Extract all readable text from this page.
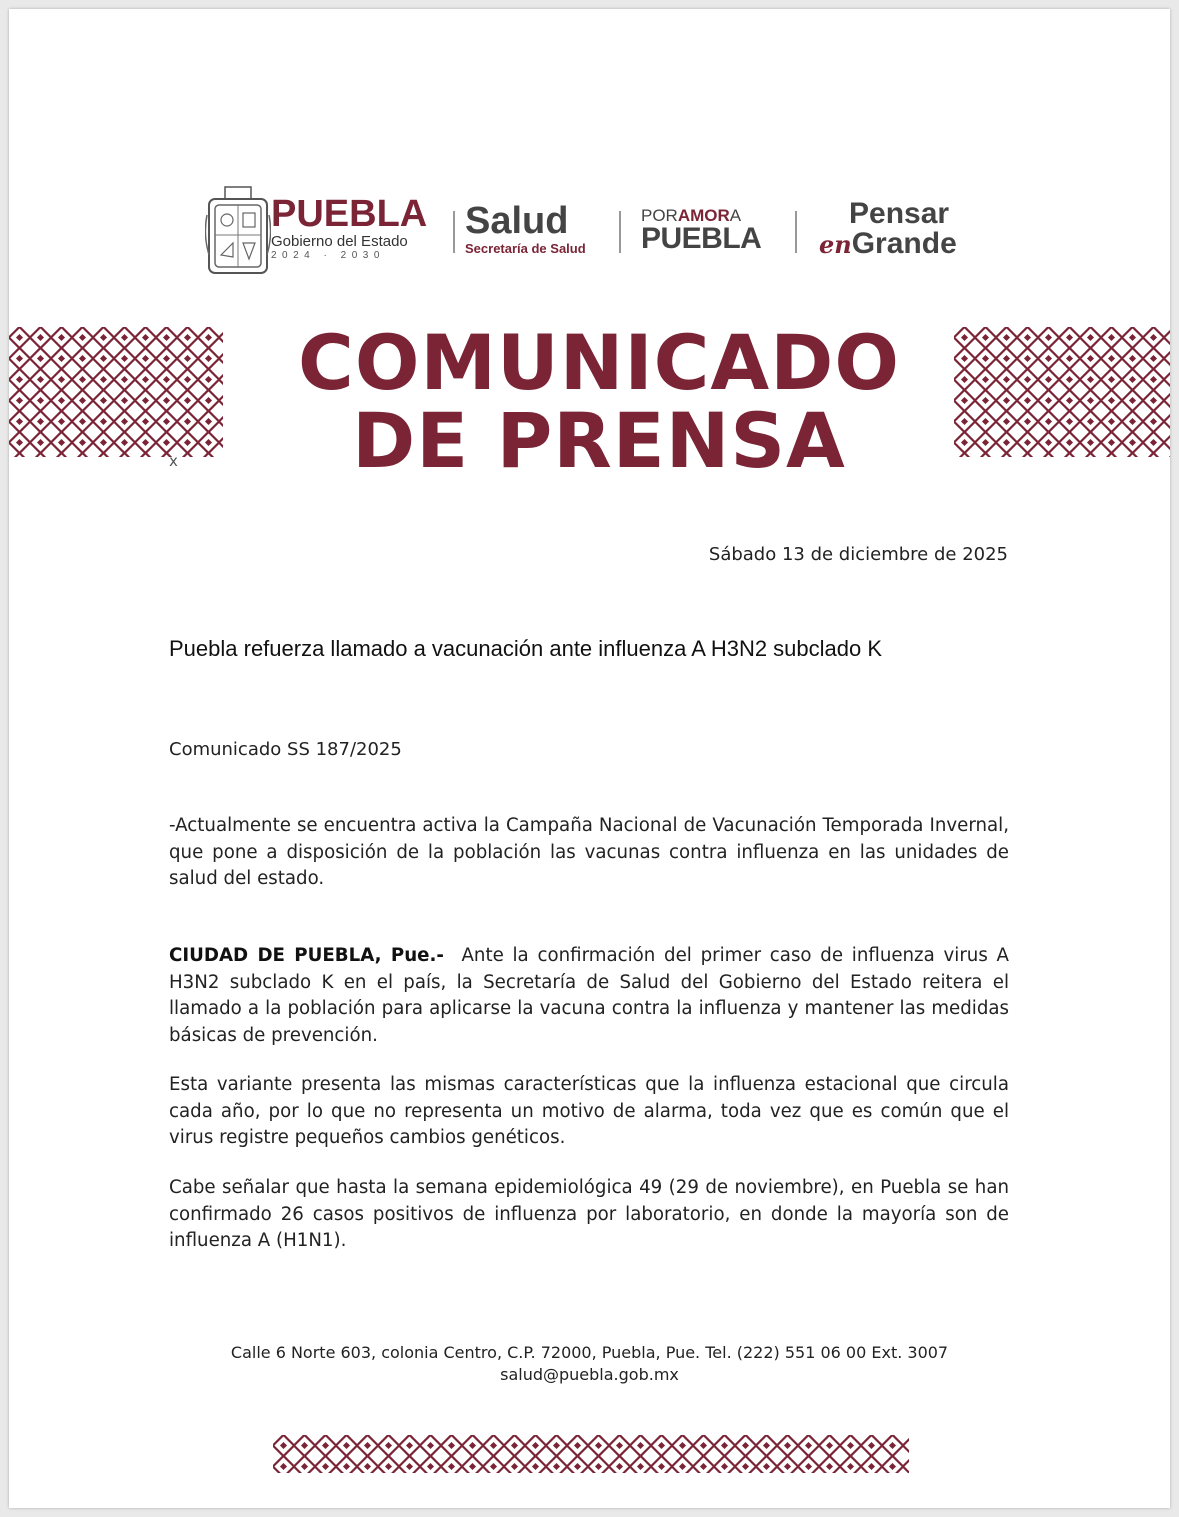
PUEBLA
Gobierno del Estado
2024 · 2030
Salud
Secretaría de Salud
PORAMORA
PUEBLA
Pensar
enGrande
COMUNICADO
DE PRENSA
x
Sábado 13 de diciembre de 2025
Puebla refuerza llamado a vacunación ante influenza A H3N2 subclado K
Comunicado SS 187/2025
-Actualmente se encuentra activa la Campaña Nacional de Vacunación Temporada Invernal, que pone a disposición de la población las vacunas contra influenza en las unidades de salud del estado.
CIUDAD DE PUEBLA, Pue.- Ante la confirmación del primer caso de influenza virus A H3N2 subclado K en el país, la Secretaría de Salud del Gobierno del Estado reitera el llamado a la población para aplicarse la vacuna contra la influenza y mantener las medidas básicas de prevención.
Esta variante presenta las mismas características que la influenza estacional que circula cada año, por lo que no representa un motivo de alarma, toda vez que es común que el virus registre pequeños cambios genéticos.
Cabe señalar que hasta la semana epidemiológica 49 (29 de noviembre), en Puebla se han confirmado 26 casos positivos de influenza por laboratorio, en donde la mayoría son de influenza A (H1N1).
Calle 6 Norte 603, colonia Centro, C.P. 72000, Puebla, Pue. Tel. (222) 551 06 00 Ext. 3007
salud@puebla.gob.mx
